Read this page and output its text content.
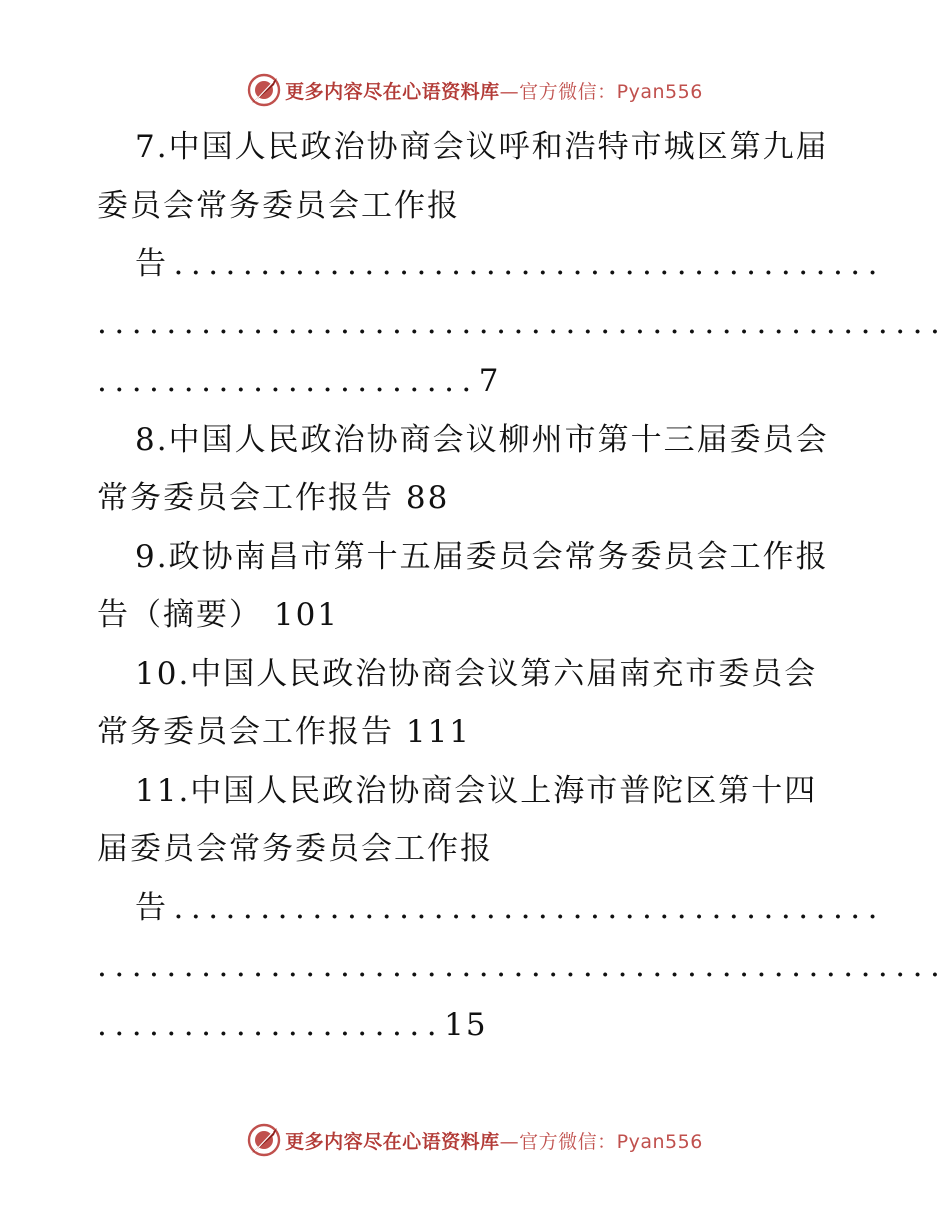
更多内容尽在心语资料库—官方微信：Pyan556
7.中国人民政治协商会议呼和浩特市城区第九届
委员会常务委员会工作报
告.........................................
.................................................
......................7
8.中国人民政治协商会议柳州市第十三届委员会
常务委员会工作报告 88
9.政协南昌市第十五届委员会常务委员会工作报
告（摘要） 101
10.中国人民政治协商会议第六届南充市委员会
常务委员会工作报告 111
11.中国人民政治协商会议上海市普陀区第十四
届委员会常务委员会工作报
告.........................................
.................................................
....................15
更多内容尽在心语资料库—官方微信：Pyan556
